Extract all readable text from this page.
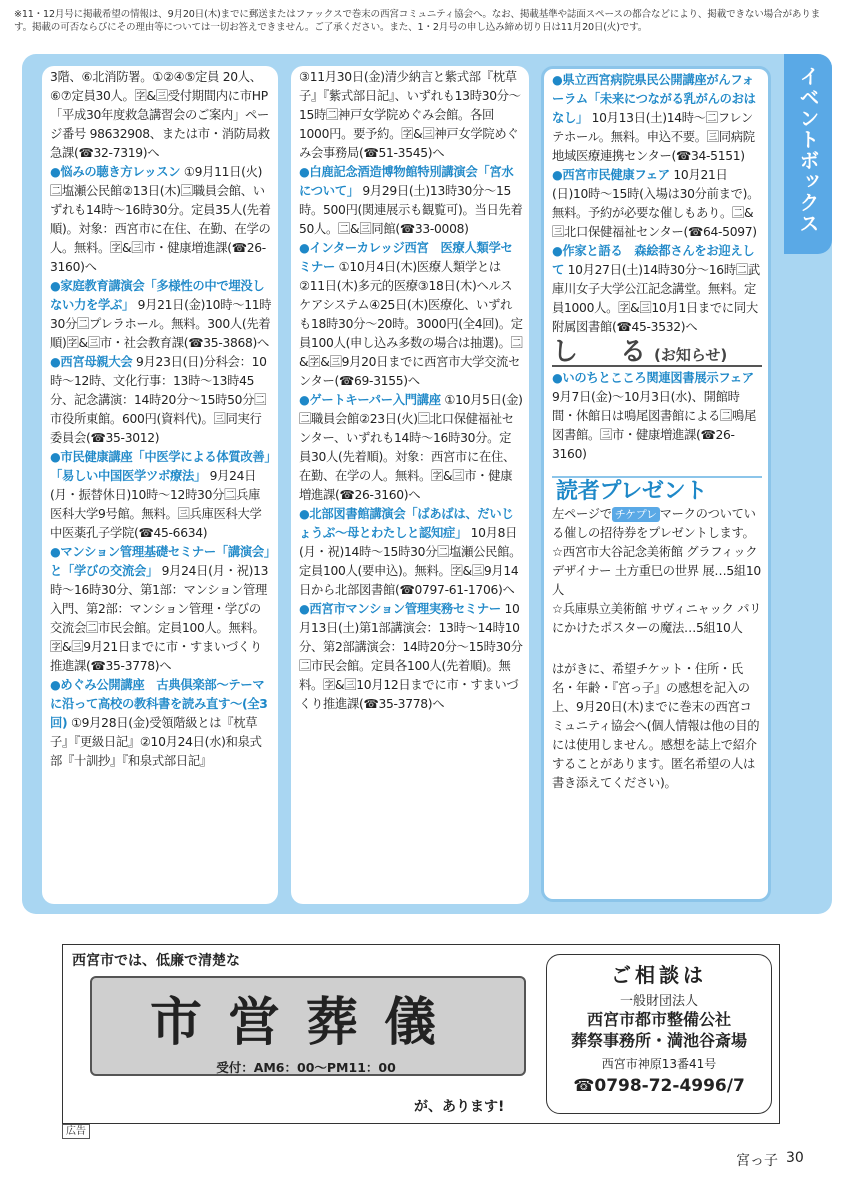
※11・12月号に掲載希望の情報は、9月20日(木)までに郵送またはファックスで巻末の西宮コミュニティ協会へ。なお、掲載基準や誌面スペースの都合などにより、掲載できない場合があります。掲載の可否ならびにその理由等については一切お答えできません。ご了承ください。また、1・2月号の申し込み締め切り日は11月20日(火)です。
イベントボックス
3階、⑥北消防署。①②④⑤定員 20人、⑥⑦定員30人。🈑&🈪受付期間内に市HP「平成30年度救急講習会のご案内」ページ番号 98632908、または市・消防局救急課(☎32-7319)へ
●悩みの聴き方レッスン ①9月11日(火)🈔塩瀬公民館②13日(木)🈔職員会館、いずれも14時〜16時30分。定員35人(先着順)。対象：西宮市に在住、在勤、在学の人。無料。🈑&🈪市・健康増進課(☎26-3160)へ
●家庭教育講演会「多様性の中で埋没しない力を学ぶ」 9月21日(金)10時〜11時30分🈔プレラホール。無料。300人(先着順)🈑&🈪市・社会教育課(☎35-3868)へ
●西宮母親大会 9月23日(日)分科会：10時〜12時、文化行事：13時〜13時45分、記念講演：14時20分〜15時50分🈔市役所東館。600円(資料代)。🈪同実行委員会(☎35-3012)
●市民健康講座「中医学による体質改善」「易しい中国医学ツボ療法」 9月24日(月・振替休日)10時〜12時30分🈔兵庫医科大学9号館。無料。🈪兵庫医科大学中医薬孔子学院(☎45-6634)
●マンション管理基礎セミナー「講演会」と「学びの交流会」 9月24日(月・祝)13時〜16時30分、第1部：マンション管理入門、第2部：マンション管理・学びの交流会🈔市民会館。定員100人。無料。🈑&🈪9月21日までに市・すまいづくり推進課(☎35-3778)へ
●めぐみ公開講座　古典倶楽部〜テーマに沿って高校の教科書を読み直す〜(全3回) ①9月28日(金)受領階級とは『枕草子』『更級日記』②10月24日(水)和泉式部『十訓抄』『和泉式部日記』
③11月30日(金)清少納言と紫式部『枕草子』『紫式部日記』、いずれも13時30分〜15時🈔神戸女学院めぐみ会館。各回1000円。要予約。🈑&🈪神戸女学院めぐみ会事務局(☎51-3545)へ
●白鹿記念酒造博物館特別講演会「宮水について」 9月29日(土)13時30分〜15時。500円(関連展示も観覧可)。当日先着50人。🈔&🈪同館(☎33-0008)
●インターカレッジ西宮　医療人類学セミナー ①10月4日(木)医療人類学とは②11日(木)多元的医療③18日(木)ヘルスケアシステム④25日(木)医療化、いずれも18時30分〜20時。3000円(全4回)。定員100人(申し込み多数の場合は抽選)。🈔&🈑&🈪9月20日までに西宮市大学交流センター(☎69-3155)へ
●ゲートキーパー入門講座 ①10月5日(金)🈔職員会館②23日(火)🈔北口保健福祉センター、いずれも14時〜16時30分。定員30人(先着順)。対象：西宮市に在住、在勤、在学の人。無料。🈑&🈪市・健康増進課(☎26-3160)へ
●北部図書館講演会「ばあばは、だいじょうぶ〜母とわたしと認知症」 10月8日(月・祝)14時〜15時30分🈔塩瀬公民館。定員100人(要申込)。無料。🈑&🈪9月14日から北部図書館(☎0797-61-1706)へ
●西宮市マンション管理実務セミナー 10月13日(土)第1部講演会：13時〜14時10分、第2部講演会：14時20分〜15時30分🈔市民会館。定員各100人(先着順)。無料。🈑&🈪10月12日までに市・すまいづくり推進課(☎35-3778)へ
●県立西宮病院県民公開講座がんフォーラム「未来につながる乳がんのおはなし」 10月13日(土)14時〜🈔フレンテホール。無料。申込不要。🈪同病院地域医療連携センター(☎34-5151)
●西宮市民健康フェア 10月21日(日)10時〜15時(入場は30分前まで)。無料。予約が必要な催しもあり。🈔&🈪北口保健福祉センター(☎64-5097)
●作家と語る　森絵都さんをお迎えして 10月27日(土)14時30分〜16時🈔武庫川女子大学公江記念講堂。無料。定員1000人。🈑&🈪10月1日までに同大附属図書館(☎45-3532)へ
し　る(お知らせ)
●いのちとこころ関連図書展示フェア 9月7日(金)〜10月3日(水)、開館時間・休館日は鳴尾図書館による🈔鳴尾図書館。🈪市・健康増進課(☎26-3160)
読者プレゼント

左ページで チケプレ マークのついている催しの招待券をプレゼントします。

☆西宮市大谷記念美術館 グラフィックデザイナー 土方重巳の世界 展…5組10人

☆兵庫県立美術館 サヴィニャック パリにかけたポスターの魔法…5組10人

はがきに、希望チケット・住所・氏名・年齢・『宮っ子』の感想を記入の上、9月20日(木)までに巻末の西宮コミュニティ協会へ(個人情報は他の目的には使用しません。感想を誌上で紹介することがあります。匿名希望の人は書き添えてください)。

西宮市では、低廉で清楚な
市営葬儀
受付：AM6：00〜PM11：00
が、あります!
ご相談は
一般財団法人
西宮市都市整備公社
葬祭事務所・満池谷斎場
西宮市神原13番41号
☎0798-72-4996/7
広告
宮っ子 30
